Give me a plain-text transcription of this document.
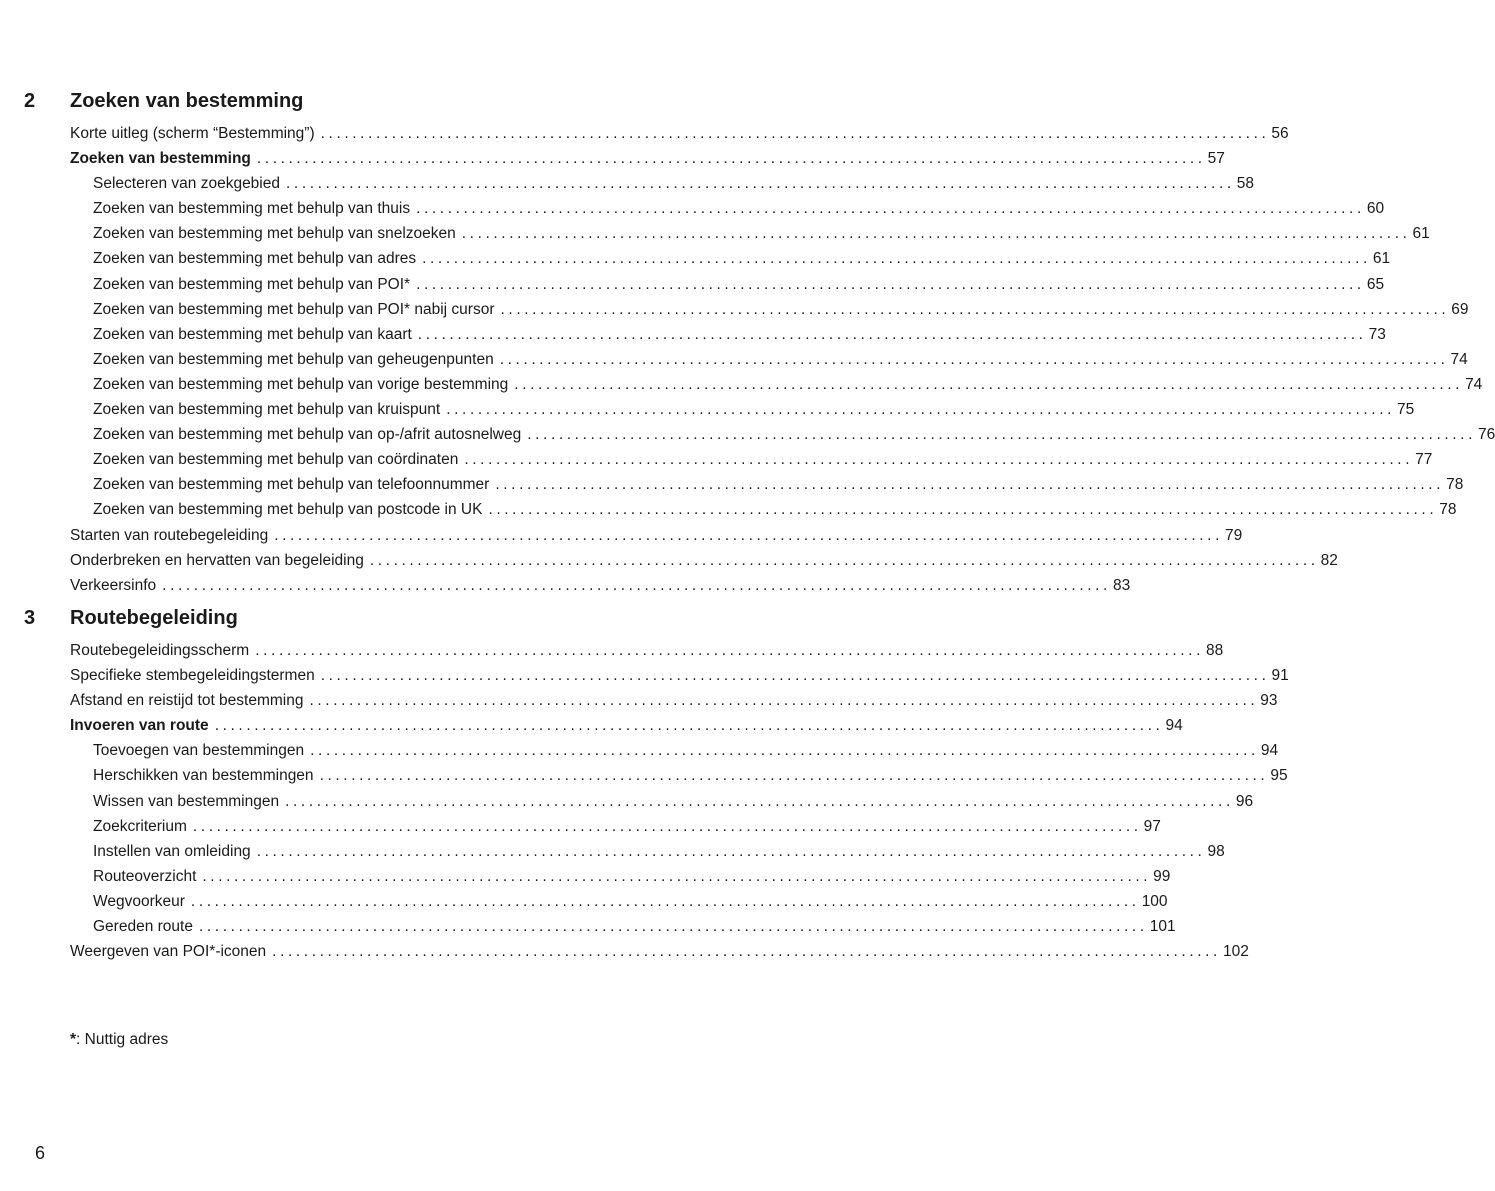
2 Zoeken van bestemming
Korte uitleg (scherm “Bestemming”) ........................................................................................................................ 56
Zoeken van bestemming ........................................................................................................................ 57
Selecteren van zoekgebied ........................................................................................................................ 58
Zoeken van bestemming met behulp van thuis ........................................................................................................................ 60
Zoeken van bestemming met behulp van snelzoeken ........................................................................................................................ 61
Zoeken van bestemming met behulp van adres ........................................................................................................................ 61
Zoeken van bestemming met behulp van POI* ........................................................................................................................ 65
Zoeken van bestemming met behulp van POI* nabij cursor ........................................................................................................................ 69
Zoeken van bestemming met behulp van kaart ........................................................................................................................ 73
Zoeken van bestemming met behulp van geheugenpunten ........................................................................................................................ 74
Zoeken van bestemming met behulp van vorige bestemming ........................................................................................................................ 74
Zoeken van bestemming met behulp van kruispunt ........................................................................................................................ 75
Zoeken van bestemming met behulp van op-/afrit autosnelweg ........................................................................................................................ 76
Zoeken van bestemming met behulp van coördinaten ........................................................................................................................ 77
Zoeken van bestemming met behulp van telefoonnummer ........................................................................................................................ 78
Zoeken van bestemming met behulp van postcode in UK ........................................................................................................................ 78
Starten van routebegeleiding ........................................................................................................................ 79
Onderbreken en hervatten van begeleiding ........................................................................................................................ 82
Verkeersinfo ........................................................................................................................ 83
3 Routebegeleiding
Routebegeleidingsscherm ........................................................................................................................ 88
Specifieke stembegeleidingstermen ........................................................................................................................ 91
Afstand en reistijd tot bestemming ........................................................................................................................ 93
Invoeren van route ........................................................................................................................ 94
Toevoegen van bestemmingen ........................................................................................................................ 94
Herschikken van bestemmingen ........................................................................................................................ 95
Wissen van bestemmingen ........................................................................................................................ 96
Zoekcriterium ........................................................................................................................ 97
Instellen van omleiding ........................................................................................................................ 98
Routeoverzicht ........................................................................................................................ 99
Wegvoorkeur ........................................................................................................................ 100
Gereden route ........................................................................................................................ 101
Weergeven van POI*-iconen ........................................................................................................................ 102
*: Nuttig adres
6
